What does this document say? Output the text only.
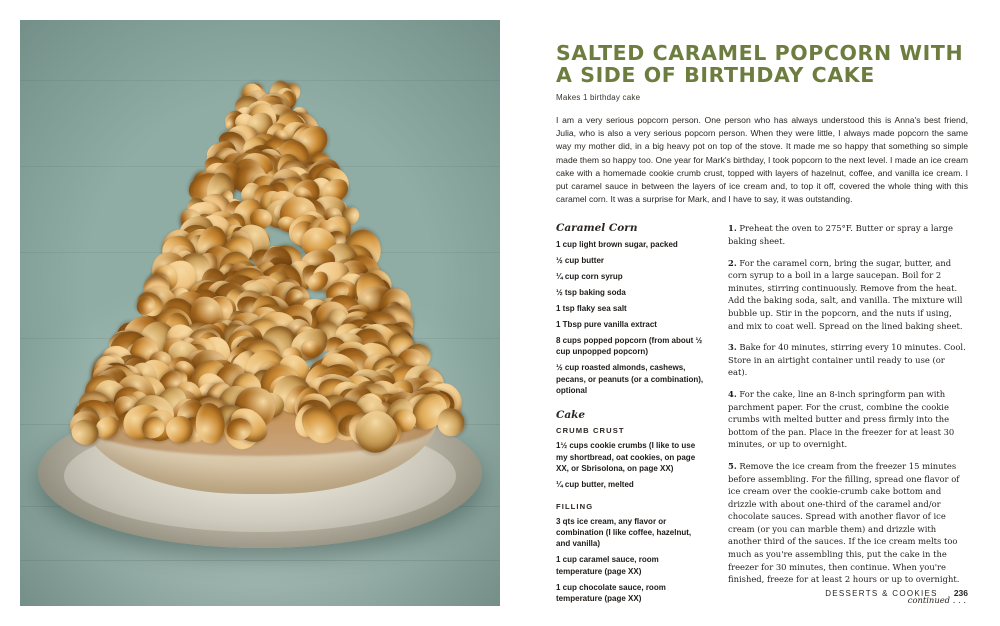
SALTED CARAMEL POPCORN WITH A SIDE OF BIRTHDAY CAKE

Makes 1 birthday cake

I am a very serious popcorn person. One person who has always understood this is Anna's best friend, Julia, who is also a very serious popcorn person. When they were little, I always made popcorn the same way my mother did, in a big heavy pot on top of the stove. It made me so happy that something so simple made them so happy too. One year for Mark's birthday, I took popcorn to the next level. I made an ice cream cake with a homemade cookie crumb crust, topped with layers of hazelnut, coffee, and vanilla ice cream. I put caramel sauce in between the layers of ice cream and, to top it off, covered the whole thing with this caramel corn. It was a surprise for Mark, and I have to say, it was outstanding.

Caramel Corn
1 cup light brown sugar, packed
½ cup butter
¼ cup corn syrup
½ tsp baking soda
1 tsp flaky sea salt
1 Tbsp pure vanilla extract
8 cups popped popcorn (from about ½ cup unpopped popcorn)
½ cup roasted almonds, cashews, pecans, or peanuts (or a combination), optional
Cake
CRUMB CRUST
1½ cups cookie crumbs (I like to use my shortbread, oat cookies, on page XX, or Sbrisolona, on page XX)
¼ cup butter, melted
FILLING
3 qts ice cream, any flavor or combination (I like coffee, hazelnut, and vanilla)
1 cup caramel sauce, room temperature (page XX)
1 cup chocolate sauce, room temperature (page XX)
1. Preheat the oven to 275°F. Butter or spray a large baking sheet.
2. For the caramel corn, bring the sugar, butter, and corn syrup to a boil in a large saucepan. Boil for 2 minutes, stirring continuously. Remove from the heat. Add the baking soda, salt, and vanilla. The mixture will bubble up. Stir in the popcorn, and the nuts if using, and mix to coat well. Spread on the lined baking sheet.
3. Bake for 40 minutes, stirring every 10 minutes. Cool. Store in an airtight container until ready to use (or eat).
4. For the cake, line an 8-inch springform pan with parchment paper. For the crust, combine the cookie crumbs with melted butter and press firmly into the bottom of the pan. Place in the freezer for at least 30 minutes, or up to overnight.
5. Remove the ice cream from the freezer 15 minutes before assembling. For the filling, spread one flavor of ice cream over the cookie-crumb cake bottom and drizzle with about one-third of the caramel and/or chocolate sauces. Spread with another flavor of ice cream (or you can marble them) and drizzle with another third of the sauces. If the ice cream melts too much as you're assembling this, put the cake in the freezer for 30 minutes, then continue. When you're finished, freeze for at least 2 hours or up to overnight.
continued . . .
DESSERTS & COOKIES 236
